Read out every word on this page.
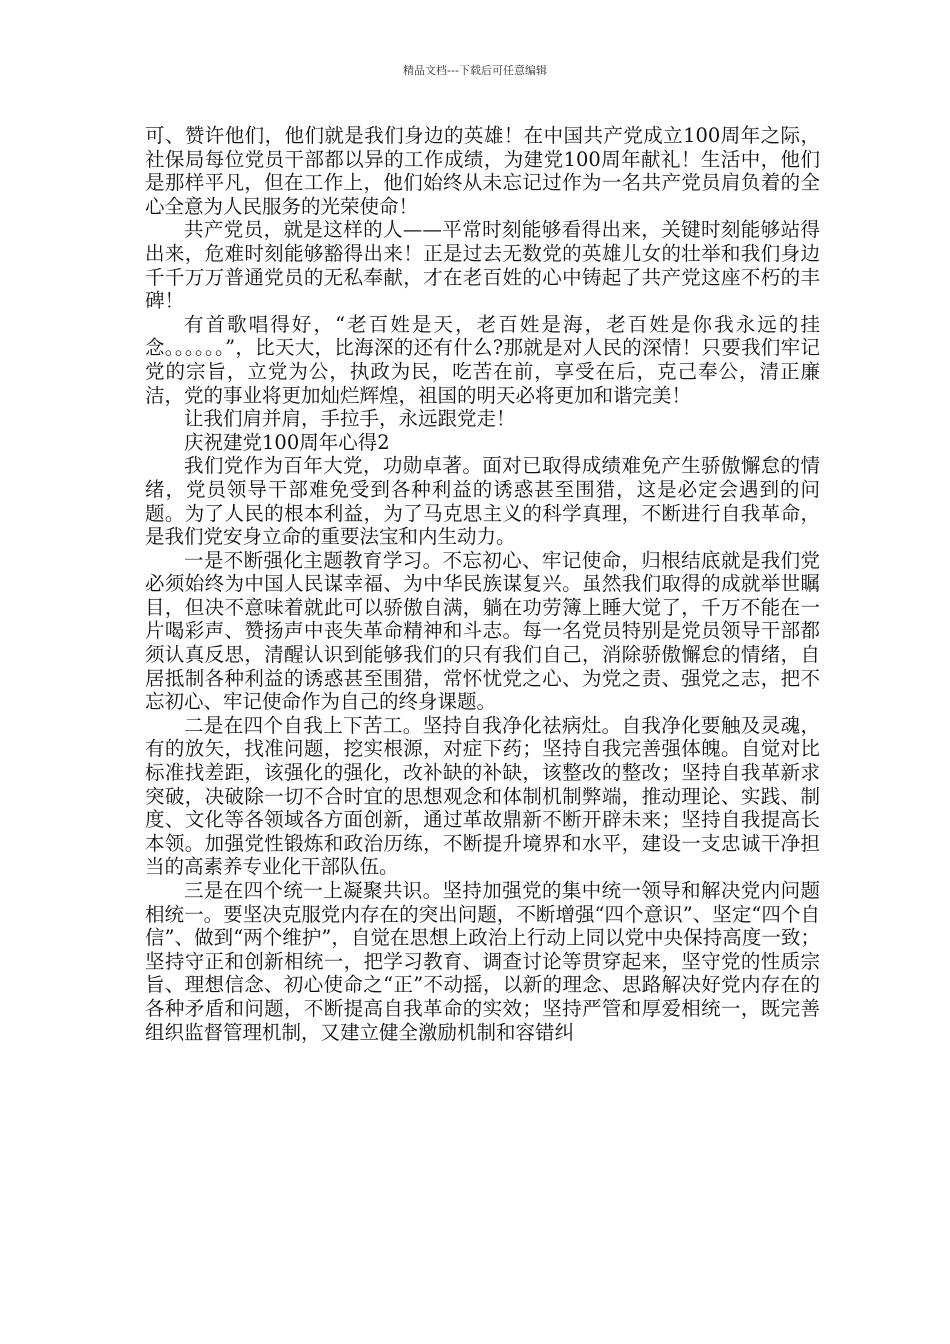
精品文档---下载后可任意编辑

可、赞许他们，他们就是我们身边的英雄！在中国共产党成立100周年之际，社保局每位党员干部都以异的工作成绩，为建党100周年献礼！生活中，他们是那样平凡，但在工作上，他们始终从未忘记过作为一名共产党员肩负着的全心全意为人民服务的光荣使命！

共产党员，就是这样的人——平常时刻能够看得出来，关键时刻能够站得出来，危难时刻能够豁得出来！正是过去无数党的英雄儿女的壮举和我们身边千千万万普通党员的无私奉献，才在老百姓的心中铸起了共产党这座不朽的丰碑！

有首歌唱得好，“老百姓是天，老百姓是海，老百姓是你我永远的挂念。。。。。。”，比天大，比海深的还有什么?那就是对人民的深情！只要我们牢记党的宗旨，立党为公，执政为民，吃苦在前，享受在后，克己奉公，清正廉洁，党的事业将更加灿烂辉煌，祖国的明天必将更加和谐完美！

让我们肩并肩，手拉手，永远跟党走！

庆祝建党100周年心得2

我们党作为百年大党，功勋卓著。面对已取得成绩难免产生骄傲懈怠的情绪，党员领导干部难免受到各种利益的诱惑甚至围猎，这是必定会遇到的问题。为了人民的根本利益，为了马克思主义的科学真理，不断进行自我革命，是我们党安身立命的重要法宝和内生动力。

一是不断强化主题教育学习。不忘初心、牢记使命，归根结底就是我们党必须始终为中国人民谋幸福、为中华民族谋复兴。虽然我们取得的成就举世瞩目，但决不意味着就此可以骄傲自满，躺在功劳簿上睡大觉了，千万不能在一片喝彩声、赞扬声中丧失革命精神和斗志。每一名党员特别是党员领导干部都须认真反思，清醒认识到能够我们的只有我们自己，消除骄傲懈怠的情绪，自居抵制各种利益的诱惑甚至围猎，常怀忧党之心、为党之责、强党之志，把不忘初心、牢记使命作为自己的终身课题。

二是在四个自我上下苦工。坚持自我净化祛病灶。自我净化要触及灵魂，有的放矢，找准问题，挖实根源，对症下药；坚持自我完善强体魄。自觉对比标准找差距，该强化的强化，改补缺的补缺，该整改的整改；坚持自我革新求突破，决破除一切不合时宜的思想观念和体制机制弊端，推动理论、实践、制度、文化等各领域各方面创新，通过革故鼎新不断开辟未来；坚持自我提高长本领。加强党性锻炼和政治历练，不断提升境界和水平，建设一支忠诚干净担当的高素养专业化干部队伍。

三是在四个统一上凝聚共识。坚持加强党的集中统一领导和解决党内问题相统一。要坚决克服党内存在的突出问题，不断增强“四个意识”、坚定“四个自信”、做到“两个维护”，自觉在思想上政治上行动上同以党中央保持高度一致；坚持守正和创新相统一，把学习教育、调查讨论等贯穿起来，坚守党的性质宗旨、理想信念、初心使命之“正”不动摇，以新的理念、思路解决好党内存在的各种矛盾和问题，不断提高自我革命的实效；坚持严管和厚爱相统一，既完善组织监督管理机制，又建立健全激励机制和容错纠
